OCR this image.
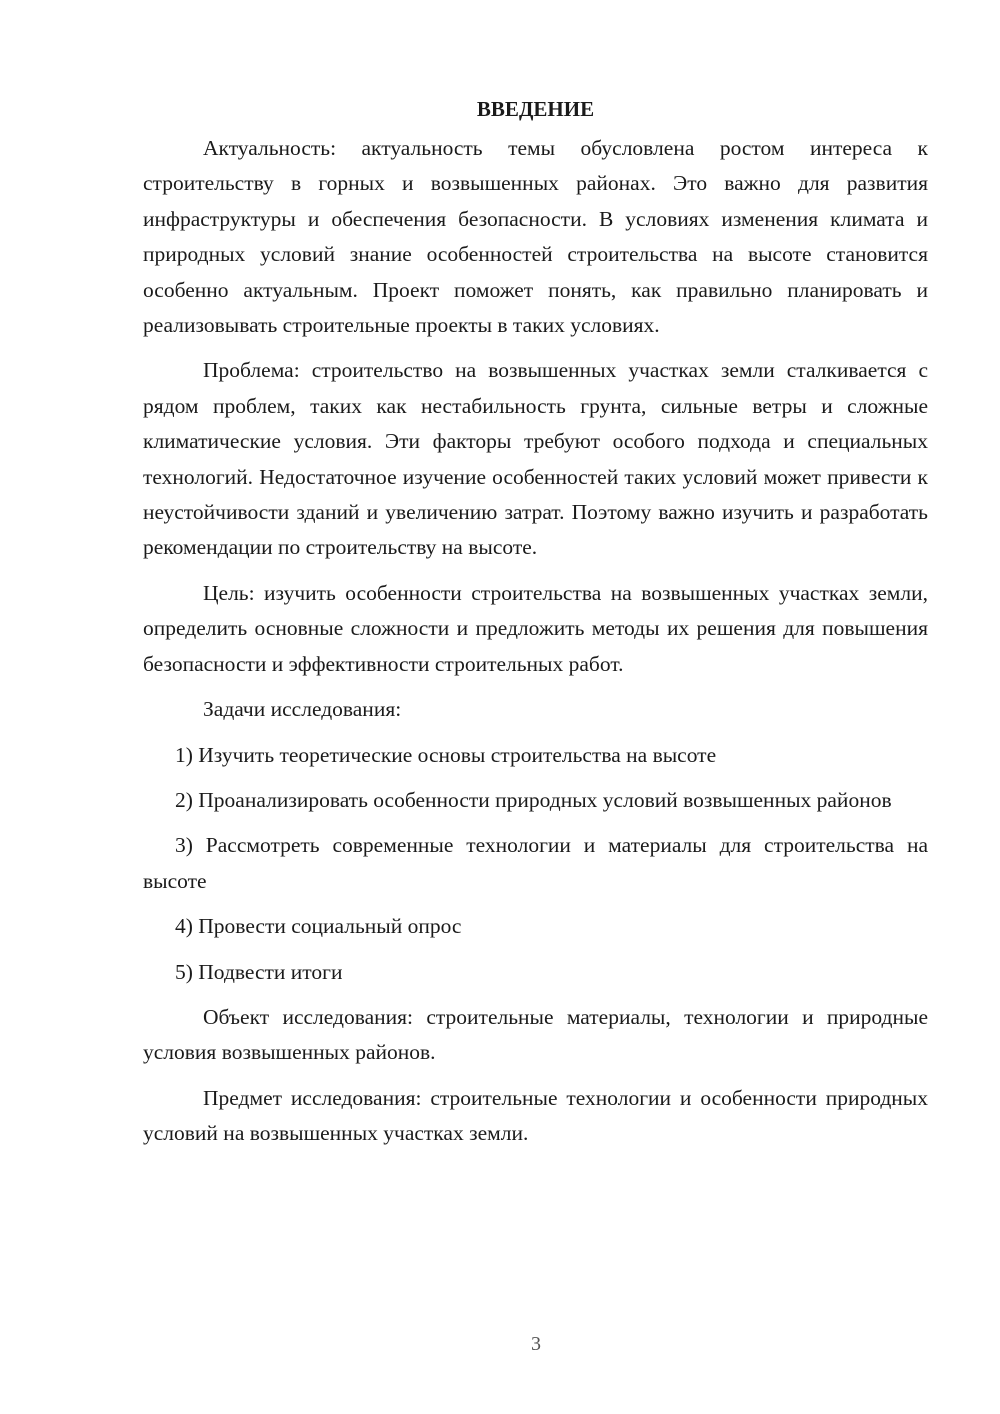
ВВЕДЕНИЕ

Актуальность: актуальность темы обусловлена ростом интереса к строительству в горных и возвышенных районах. Это важно для развития инфраструктуры и обеспечения безопасности. В условиях изменения климата и природных условий знание особенностей строительства на высоте становится особенно актуальным. Проект поможет понять, как правильно планировать и реализовывать строительные проекты в таких условиях.

Проблема: строительство на возвышенных участках земли сталкивается с рядом проблем, таких как нестабильность грунта, сильные ветры и сложные климатические условия. Эти факторы требуют особого подхода и специальных технологий. Недостаточное изучение особенностей таких условий может привести к неустойчивости зданий и увеличению затрат. Поэтому важно изучить и разработать рекомендации по строительству на высоте.

Цель: изучить особенности строительства на возвышенных участках земли, определить основные сложности и предложить методы их решения для повышения безопасности и эффективности строительных работ.

Задачи исследования:

1) Изучить теоретические основы строительства на высоте

2) Проанализировать особенности природных условий возвышенных районов

3) Рассмотреть современные технологии и материалы для строительства на высоте

4) Провести социальный опрос

5) Подвести итоги

Объект исследования: строительные материалы, технологии и природные условия возвышенных районов.

Предмет исследования: строительные технологии и особенности природных условий на возвышенных участках земли.

3
